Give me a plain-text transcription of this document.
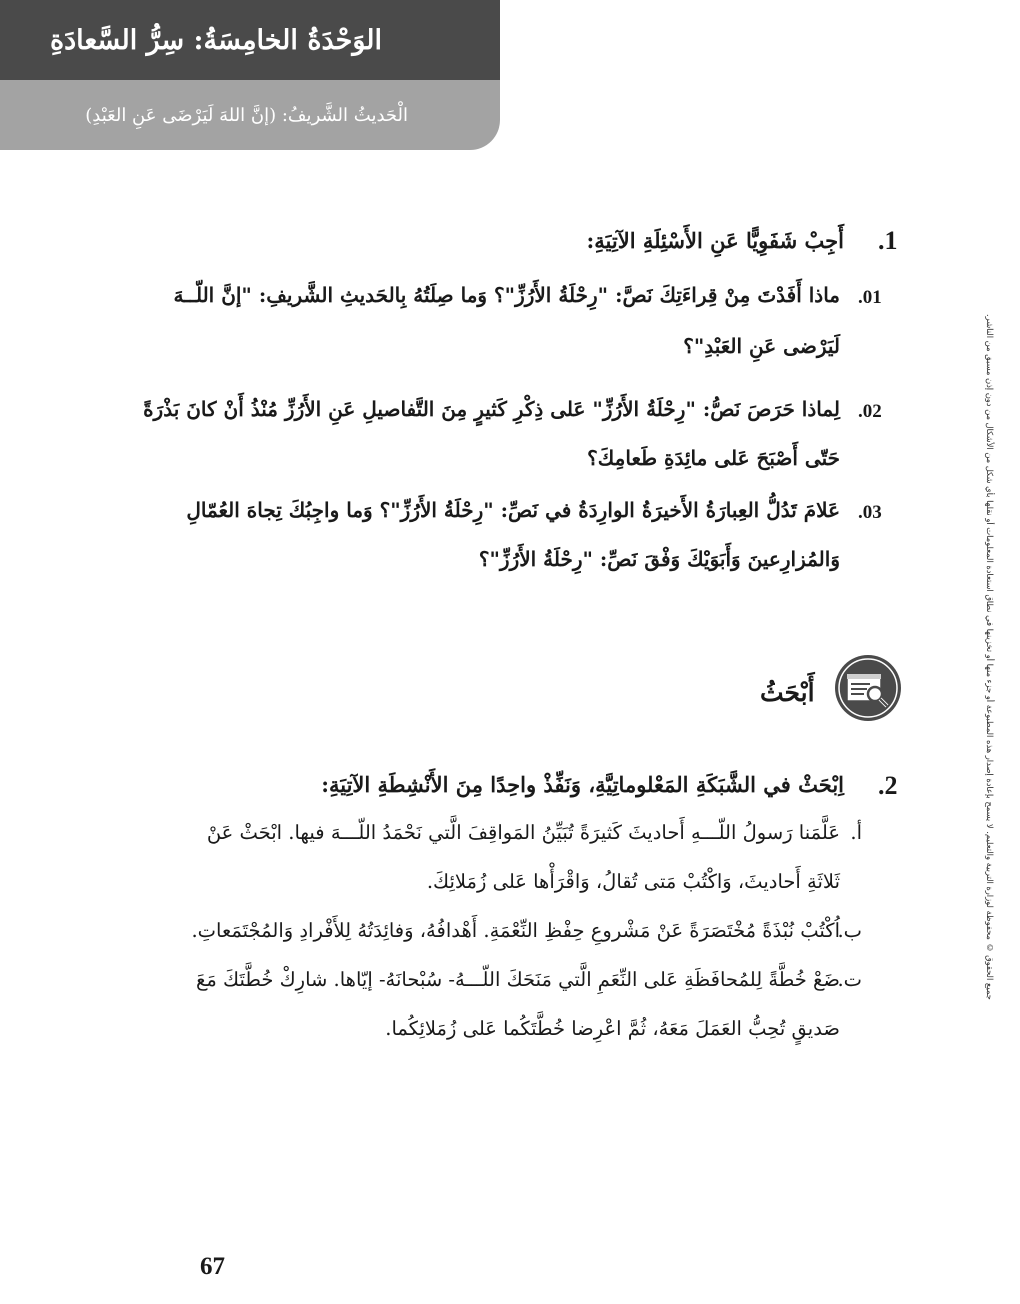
الوَحْدَةُ الخامِسَةُ: سِرُّ السَّعادَةِ
الْحَديثُ الشَّريفُ: (إنَّ اللهَ لَيَرْضَى عَنِ العَبْدِ)
جميع الحقوق © محفوظة لوزارة التربية والتعليم. لا يسمح بإعادة إصدار هذه المطبوعة أو جزء منها أو تخزينها في نطاق استعادة المعلومات أو نقلها بأي شكل من الأشكال من دون إذن مسبق من الناشر.
.1
أَجِبْ شَفَوِيًّا عَنِ الأَسْئِلَةِ الآتِيَةِ:
.01
ماذا أَفَدْتَ مِنْ قِراءَتِكَ نَصَّ: "رِحْلَةُ الأَرُزِّ"؟ وَما صِلَتُهُ بِالحَديثِ الشَّريفِ: "إنَّ اللّــهَ
لَيَرْضى عَنِ العَبْدِ"؟
.02
لِماذا حَرَصَ نَصُّ: "رِحْلَةُ الأَرُزِّ" عَلى ذِكْرِ كَثيرٍ مِنَ التَّفاصيلِ عَنِ الأَرُزِّ مُنْذُ أَنْ كانَ بَذْرَةً
حَتّى أَصْبَحَ عَلى مائِدَةِ طَعامِكَ؟
.03
عَلامَ تَدُلُّ العِبارَةُ الأَخيرَةُ الوارِدَةُ في نَصِّ: "رِحْلَةُ الأَرُزِّ"؟ وَما واجِبُكَ تِجاهَ العُمّالِ
وَالمُزارِعينَ وَأَبَوَيْكَ وَفْقَ نَصِّ: "رِحْلَةُ الأَرُزِّ"؟
أَبْحَثُ
.2
اِبْحَثْ في الشَّبَكَةِ المَعْلوماتِيَّةِ، وَنَفِّذْ واحِدًا مِنَ الأَنْشِطَةِ الآتِيَةِ:
أ.
عَلَّمَنا رَسولُ اللّـــهِ أَحاديثَ كَثيرَةً تُبَيِّنُ المَواقِفَ الَّتي نَحْمَدُ اللّـــهَ فيها. ابْحَثْ عَنْ
ثَلاثَةِ أَحاديثَ، وَاكْتُبْ مَتى تُقالُ، وَاقْرَأْها عَلى زُمَلائِكَ.
ب.
اُكْتُبْ نُبْذَةً مُخْتَصَرَةً عَنْ مَشْروعِ حِفْظِ النِّعْمَةِ. أَهْدافُهُ، وَفائِدَتُهُ لِلأَفْرادِ وَالمُجْتَمَعاتِ.
ت.
ضَعْ خُطَّةً لِلمُحافَظَةِ عَلى النِّعَمِ الَّتي مَنَحَكَ اللّـــهُ- سُبْحانَهُ- إيّاها. شارِكْ خُطَّتَكَ مَعَ
صَديقٍ تُحِبُّ العَمَلَ مَعَهُ، ثُمَّ اعْرِضا خُطَّتَكُما عَلى زُمَلائِكُما.
67
